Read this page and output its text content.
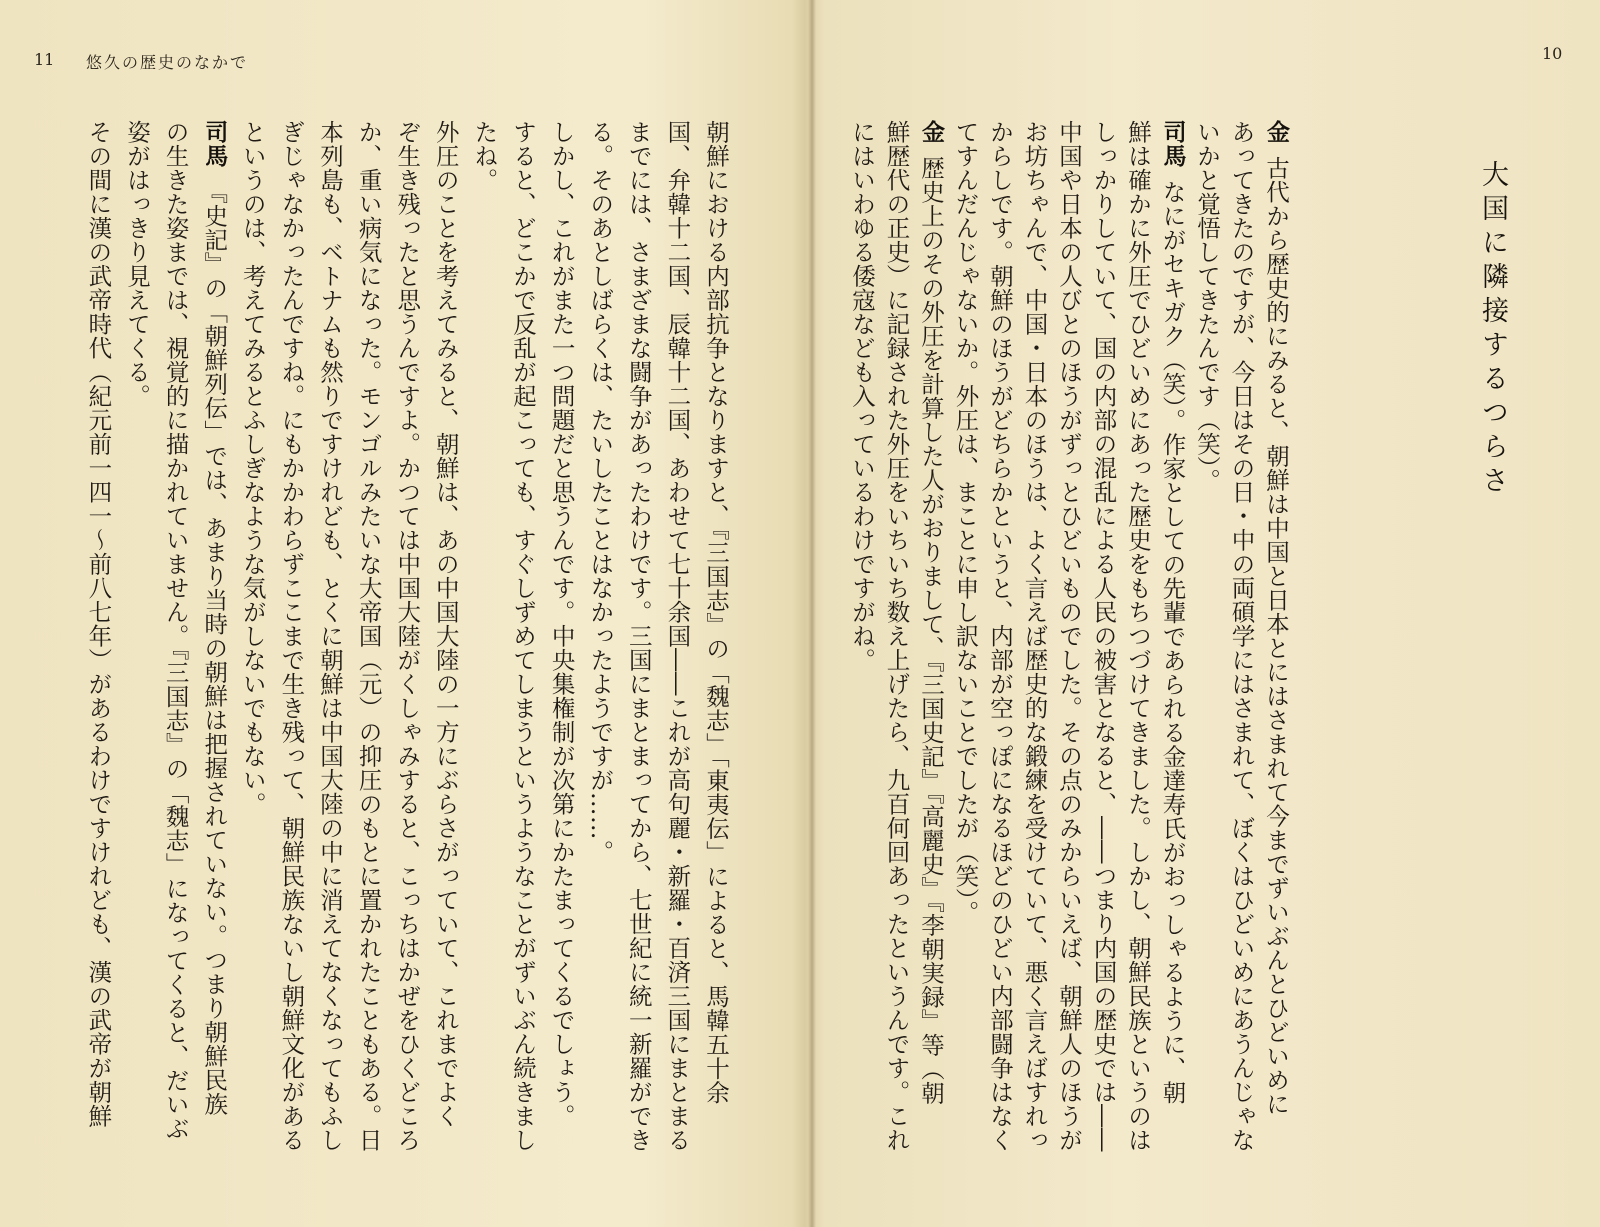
11 悠久の歴史のなかで	10
大国に隣接するつらさ
金
古代から歴史的にみると、朝鮮は中国と日本とにはさまれて今までずいぶんとひどいめに
あってきたのですが、今日はその日・中の両碩学にはさまれて、ぼくはひどいめにあうんじゃな
いかと覚悟してきたんです（笑）。
司馬
なにがセキガク（笑）。作家としての先輩であられる金達寿氏がおっしゃるように、朝
鮮は確かに外圧でひどいめにあった歴史をもちつづけてきました。しかし、朝鮮民族というのは
しっかりしていて、国の内部の混乱による人民の被害となると、――つまり内国の歴史では――
中国や日本の人びとのほうがずっとひどいものでした。その点のみからいえば、朝鮮人のほうが
お坊ちゃんで、中国・日本のほうは、よく言えば歴史的な鍛練を受けていて、悪く言えばすれっ
からしです。朝鮮のほうがどちらかというと、内部が空っぽになるほどのひどい内部闘争はなく
てすんだんじゃないか。外圧は、まことに申し訳ないことでしたが（笑）。
金
歴史上のその外圧を計算した人がおりまして、『三国史記』『高麗史』『李朝実録』等（朝
鮮歴代の正史）に記録された外圧をいちいち数え上げたら、九百何回あったというんです。これ
にはいわゆる倭寇なども入っているわけですがね。
朝鮮における内部抗争となりますと、『三国志』の「魏志」「東夷伝」によると、馬韓五十余
国、弁韓十二国、辰韓十二国、あわせて七十余国――これが高句麗・新羅・百済三国にまとまる
までには、さまざまな闘争があったわけです。三国にまとまってから、七世紀に統一新羅ができ
る。そのあとしばらくは、たいしたことはなかったようですが……。
しかし、これがまた一つ問題だと思うんです。中央集権制が次第にかたまってくるでしょう。
すると、どこかで反乱が起こっても、すぐしずめてしまうというようなことがずいぶん続きまし
たね。
外圧のことを考えてみると、朝鮮は、あの中国大陸の一方にぶらさがっていて、これまでよく
ぞ生き残ったと思うんですよ。かつては中国大陸がくしゃみすると、こっちはかぜをひくどころ
か、重い病気になった。モンゴルみたいな大帝国（元）の抑圧のもとに置かれたこともある。日
本列島も、ベトナムも然りですけれども、とくに朝鮮は中国大陸の中に消えてなくなってもふし
ぎじゃなかったんですね。にもかかわらずここまで生き残って、朝鮮民族ないし朝鮮文化がある
というのは、考えてみるとふしぎなような気がしないでもない。
司馬
『史記』の「朝鮮列伝」では、あまり当時の朝鮮は把握されていない。つまり朝鮮民族
の生きた姿までは、視覚的に描かれていません。『三国志』の「魏志」になってくると、だいぶ
姿がはっきり見えてくる。
その間に漢の武帝時代（紀元前一四一～前八七年）があるわけですけれども、漢の武帝が朝鮮
